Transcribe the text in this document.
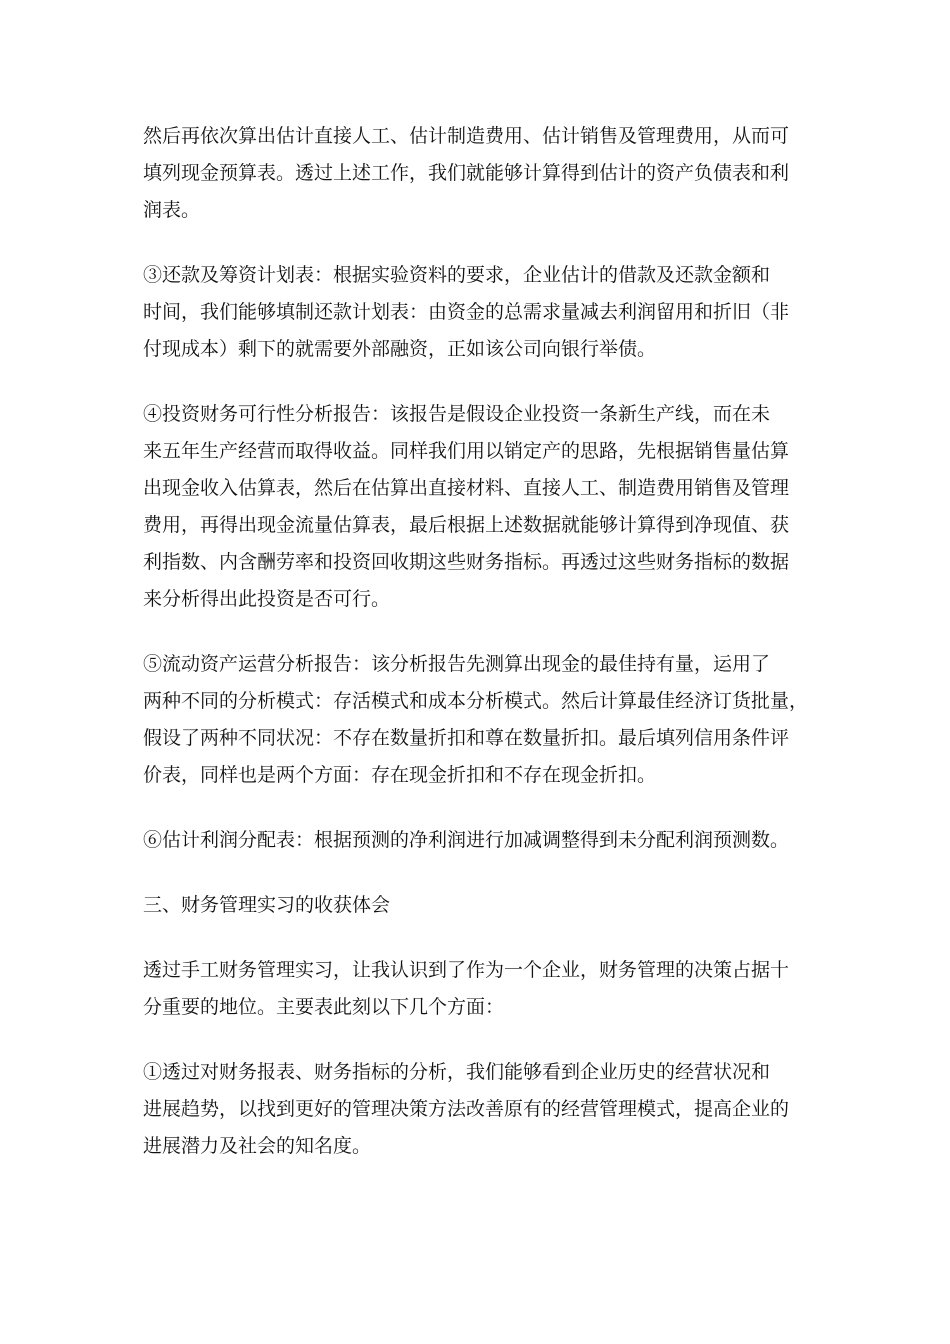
然后再依次算出估计直接人工、估计制造费用、估计销售及管理费用，从而可
填列现金预算表。透过上述工作，我们就能够计算得到估计的资产负债表和利
润表。

③还款及筹资计划表：根据实验资料的要求，企业估计的借款及还款金额和
时间，我们能够填制还款计划表：由资金的总需求量减去利润留用和折旧（非
付现成本）剩下的就需要外部融资，正如该公司向银行举债。

④投资财务可行性分析报告：该报告是假设企业投资一条新生产线，而在未
来五年生产经营而取得收益。同样我们用以销定产的思路，先根据销售量估算
出现金收入估算表，然后在估算出直接材料、直接人工、制造费用销售及管理
费用，再得出现金流量估算表，最后根据上述数据就能够计算得到净现值、获
利指数、内含酬劳率和投资回收期这些财务指标。再透过这些财务指标的数据
来分析得出此投资是否可行。

⑤流动资产运营分析报告：该分析报告先测算出现金的最佳持有量，运用了
两种不同的分析模式：存活模式和成本分析模式。然后计算最佳经济订货批量，
假设了两种不同状况：不存在数量折扣和尊在数量折扣。最后填列信用条件评
价表，同样也是两个方面：存在现金折扣和不存在现金折扣。

⑥估计利润分配表：根据预测的净利润进行加减调整得到未分配利润预测数。

三、财务管理实习的收获体会

透过手工财务管理实习，让我认识到了作为一个企业，财务管理的决策占据十
分重要的地位。主要表此刻以下几个方面：

①透过对财务报表、财务指标的分析，我们能够看到企业历史的经营状况和
进展趋势，以找到更好的管理决策方法改善原有的经营管理模式，提高企业的
进展潜力及社会的知名度。
